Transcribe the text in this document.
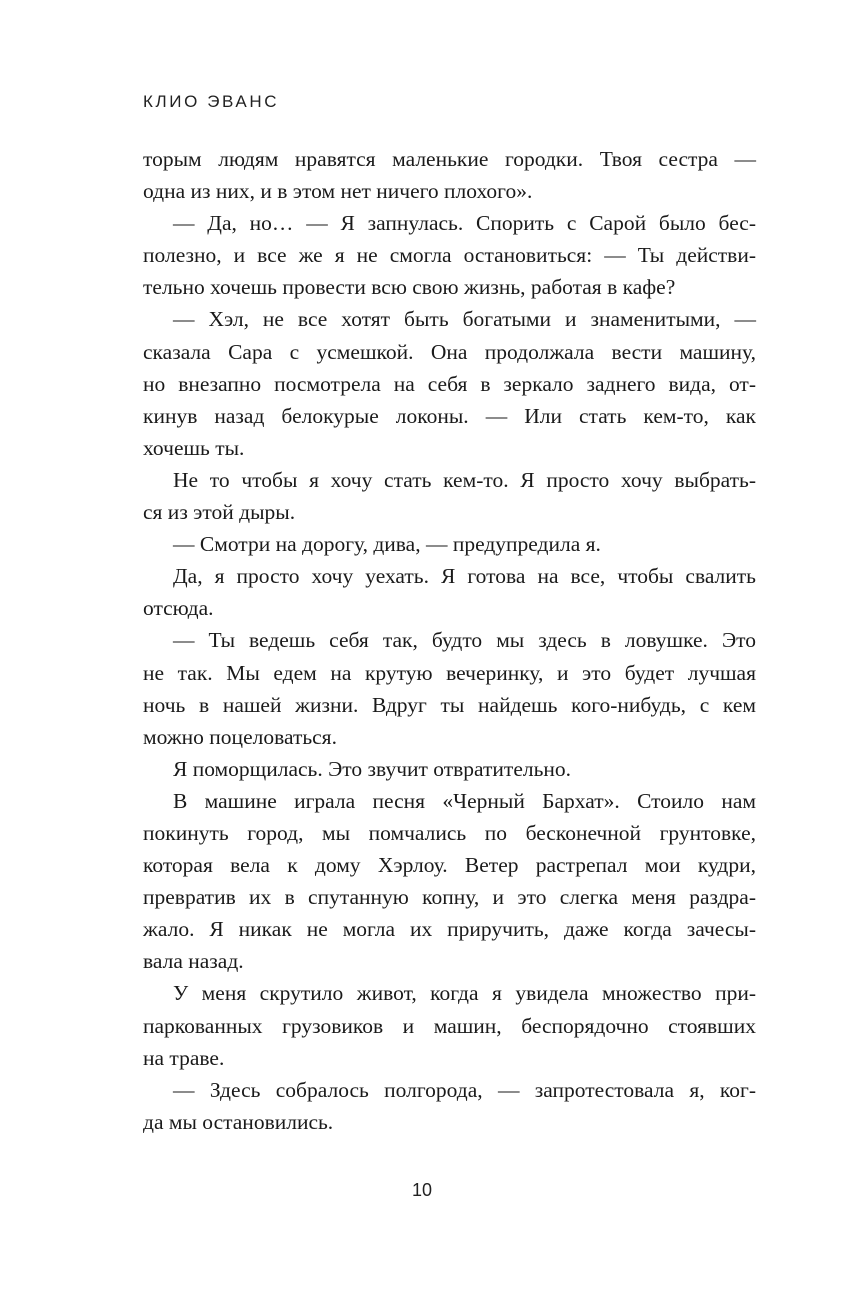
КЛИО ЭВАНС
торым людям нравятся маленькие городки. Твоя сестра —
одна из них, и в этом нет ничего плохого».
— Да, но… — Я запнулась. Спорить с Сарой было бес-
полезно, и все же я не смогла остановиться: — Ты действи-
тельно хочешь провести всю свою жизнь, работая в кафе?
— Хэл, не все хотят быть богатыми и знаменитыми, —
сказала Сара с усмешкой. Она продолжала вести машину,
но внезапно посмотрела на себя в зеркало заднего вида, от-
кинув назад белокурые локоны. — Или стать кем-то, как
хочешь ты.
Не то чтобы я хочу стать кем-то. Я просто хочу выбрать-
ся из этой дыры.
— Смотри на дорогу, дива, — предупредила я.
Да, я просто хочу уехать. Я готова на все, чтобы свалить
отсюда.
— Ты ведешь себя так, будто мы здесь в ловушке. Это
не так. Мы едем на крутую вечеринку, и это будет лучшая
ночь в нашей жизни. Вдруг ты найдешь кого-нибудь, с кем
можно поцеловаться.
Я поморщилась. Это звучит отвратительно.
В машине играла песня «Черный Бархат». Стоило нам
покинуть город, мы помчались по бесконечной грунтовке,
которая вела к дому Хэрлоу. Ветер растрепал мои кудри,
превратив их в спутанную копну, и это слегка меня раздра-
жало. Я никак не могла их приручить, даже когда зачесы-
вала назад.
У меня скрутило живот, когда я увидела множество при-
паркованных грузовиков и машин, беспорядочно стоявших
на траве.
— Здесь собралось полгорода, — запротестовала я, ког-
да мы остановились.
10
